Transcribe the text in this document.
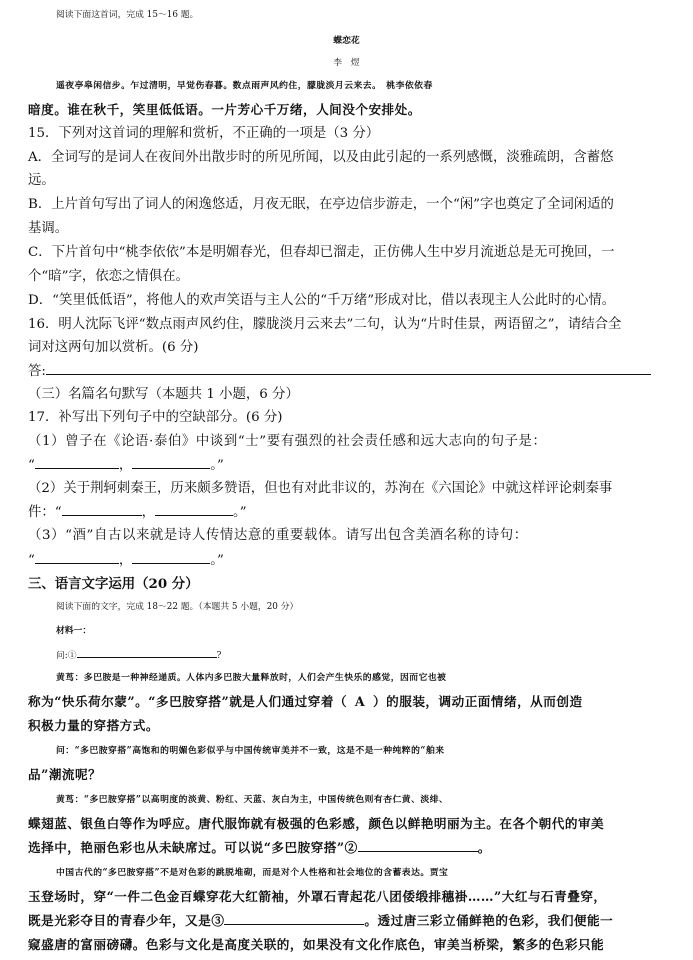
阅读下面这首词，完成 15～16 题。
蝶恋花
李　煜
遥夜亭皋闲信步。乍过清明，早觉伤春暮。数点雨声风约住，朦胧淡月云来去。　桃李依依春
暗度。谁在秋千，笑里低低语。一片芳心千万绪，人间没个安排处。
15．下列对这首词的理解和赏析，不正确的一项是（3 分）
A．全词写的是词人在夜间外出散步时的所见所闻，以及由此引起的一系列感慨，淡雅疏朗，含蓄悠
远。
B．上片首句写出了词人的闲逸悠适，月夜无眠，在亭边信步游走，一个“闲”字也奠定了全词闲适的
基调。
C．下片首句中“桃李依依”本是明媚春光，但春却已溜走，正仿佛人生中岁月流逝总是无可挽回，一
个“暗”字，依恋之情俱在。
D．“笑里低低语”，将他人的欢声笑语与主人公的“千万绪”形成对比，借以表现主人公此时的心情。
16．明人沈际飞评“数点雨声风约住，朦胧淡月云来去”二句，认为“片时佳景，两语留之”，请结合全
词对这两句加以赏析。(6 分)
答:
（三）名篇名句默写（本题共 1 小题，6 分）
17．补写出下列句子中的空缺部分。(6 分)
（1）曾子在《论语·泰伯》中谈到“士”要有强烈的社会责任感和远大志向的句子是：
“	，	。”
（2）关于荆轲刺秦王，历来颇多赞语，但也有对此非议的，苏洵在《六国论》中就这样评论刺秦事
件：“	，	。”
（3）“酒”自古以来就是诗人传情达意的重要载体。请写出包含美酒名称的诗句：
“	，	。”
三、语言文字运用（20 分）
阅读下面的文字，完成 18～22 题。（本题共 5 小题，20 分）
材料一：
问:①	?
黄茑：多巴胺是一种神经递质。人体内多巴胺大量释放时，人们会产生快乐的感觉，因而它也被
称为“快乐荷尔蒙”。“多巴胺穿搭”就是人们通过穿着（ A ）的服装，调动正面情绪，从而创造
积极力量的穿搭方式。
问：“多巴胺穿搭”高饱和的明媚色彩似乎与中国传统审美并不一致，这是不是一种纯粹的“舶来
品”潮流呢？
黄茑：“多巴胺穿搭”以高明度的淡黄、粉红、天蓝、灰白为主，中国传统色则有杏仁黄、淡绯、
蝶翅蓝、银鱼白等作为呼应。唐代服饰就有极强的色彩感，颜色以鲜艳明丽为主。在各个朝代的审美
选择中，艳丽色彩也从未缺席过。可以说“多巴胺穿搭”②	。
中国古代的“多巴胺穿搭”不是对色彩的跳脱堆砌，而是对个人性格和社会地位的含蓄表达。贾宝
玉登场时，穿“一件二色金百蝶穿花大红箭袖，外罩石青起花八团倭缎排穗褂……”大红与石青叠穿，
既是光彩夺目的青春少年，又是③	。透过唐三彩立俑鲜艳的色彩，我们便能一
窥盛唐的富丽磅礴。色彩与文化是高度关联的，如果没有文化作底色，审美当桥梁，繁多的色彩只能
